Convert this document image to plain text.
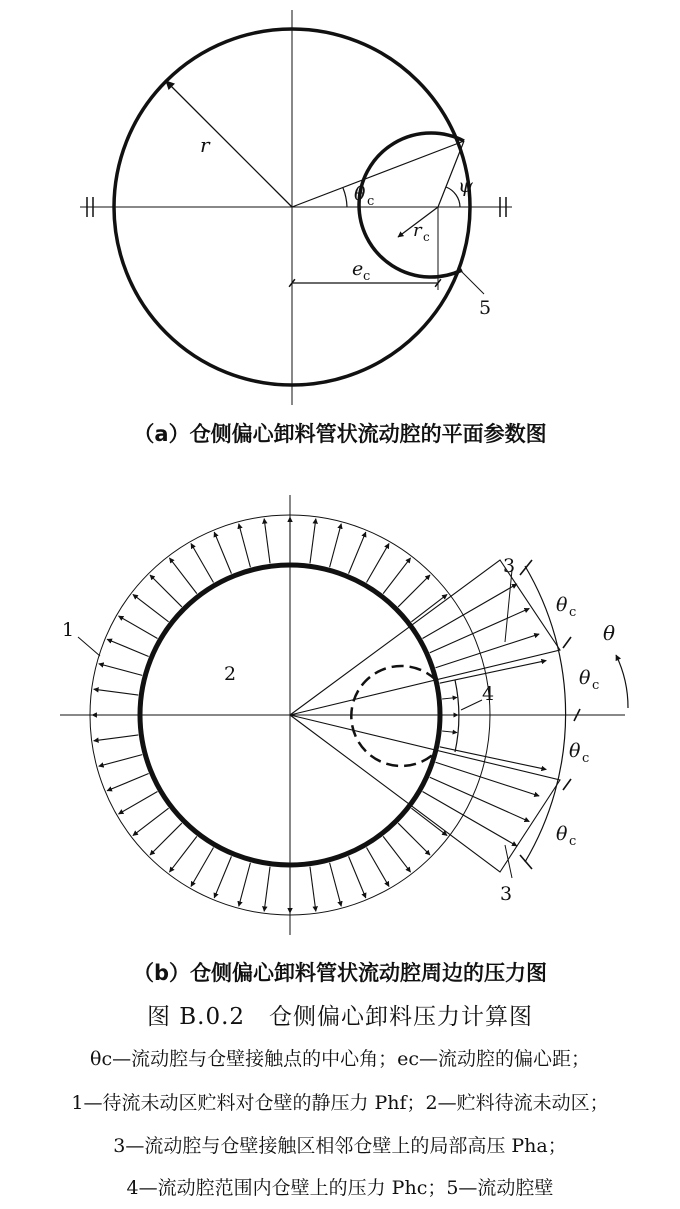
r
θ c
ψ
r c
e c
5
4
θ c
θ c
θ c
θ c
θ
3
3
1
2
（a）仓侧偏心卸料管状流动腔的平面参数图
（b）仓侧偏心卸料管状流动腔周边的压力图
图 B.0.2　仓侧偏心卸料压力计算图
θc—流动腔与仓壁接触点的中心角；ec—流动腔的偏心距；
1—待流未动区贮料对仓壁的静压力 Phf；2—贮料待流未动区；
3—流动腔与仓壁接触区相邻仓壁上的局部高压 Pha；
4—流动腔范围内仓壁上的压力 Phc；5—流动腔壁
